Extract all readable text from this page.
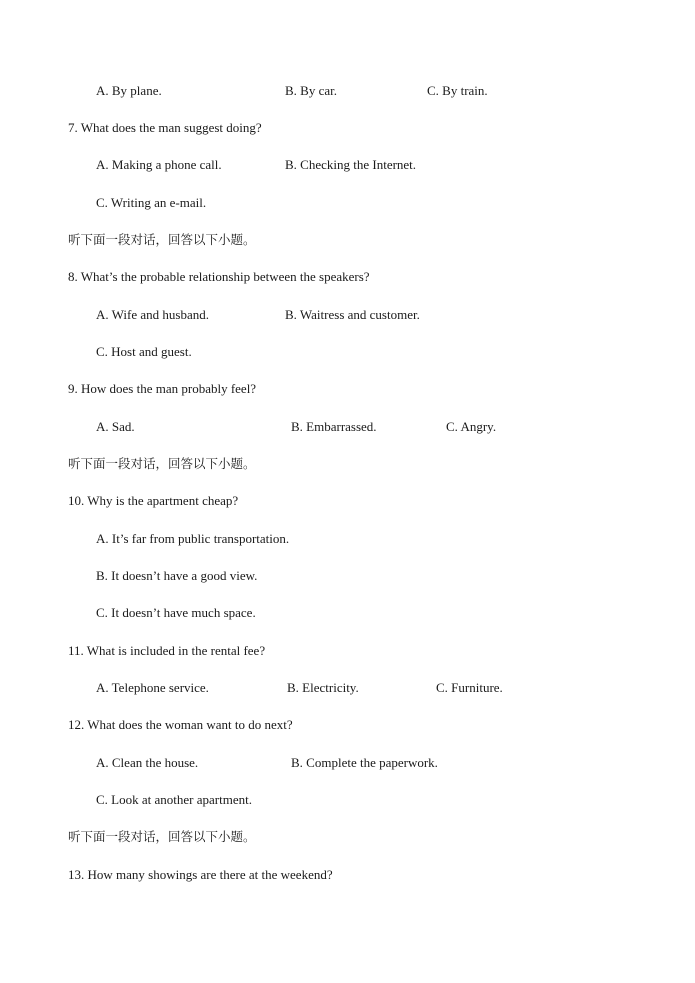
A. By plane.	B. By car.	C. By train.
7. What does the man suggest doing?
A. Making a phone call.	B. Checking the Internet.
C. Writing an e-mail.
听下面一段对话，回答以下小题。
8. What’s the probable relationship between the speakers?
A. Wife and husband.	B. Waitress and customer.
C. Host and guest.
9. How does the man probably feel?
A. Sad.	B. Embarrassed.	C. Angry.
听下面一段对话，回答以下小题。
10. Why is the apartment cheap?
A. It’s far from public transportation.
B. It doesn’t have a good view.
C. It doesn’t have much space.
11. What is included in the rental fee?
A. Telephone service.	B. Electricity.	C. Furniture.
12. What does the woman want to do next?
A. Clean the house.	B. Complete the paperwork.
C. Look at another apartment.
听下面一段对话，回答以下小题。
13. How many showings are there at the weekend?
